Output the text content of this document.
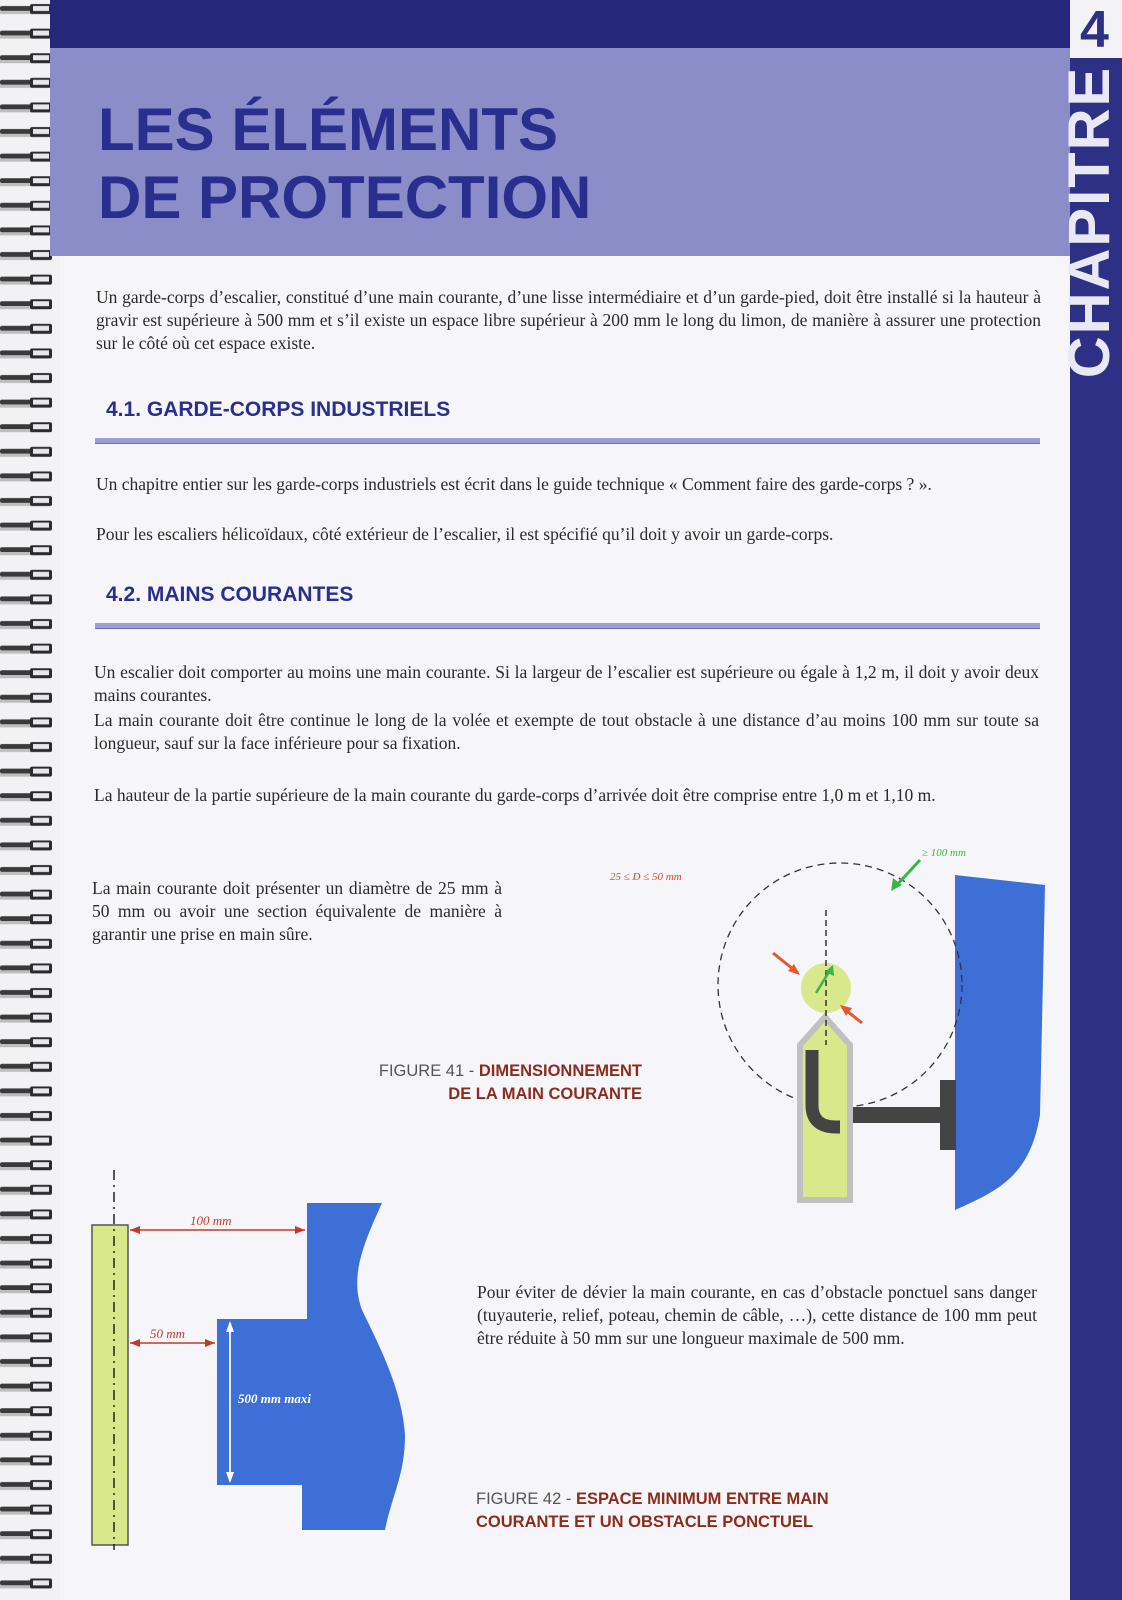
4
CHAPITRE
LES ÉLÉMENTS
DE PROTECTION

Un garde-corps d’escalier, constitué d’une main courante, d’une lisse intermédiaire et d’un garde-pied, doit être installé si la hauteur à gravir est supérieure à 500 mm et s’il existe un espace libre supérieur à 200 mm le long du limon, de manière à assurer une protection sur le côté où cet espace existe.

4.1. GARDE-CORPS INDUSTRIELS

Un chapitre entier sur les garde-corps industriels est écrit dans le guide technique « Comment faire des garde-corps ? ».

Pour les escaliers hélicoïdaux, côté extérieur de l’escalier, il est spécifié qu’il doit y avoir un garde-corps.

4.2. MAINS COURANTES

Un escalier doit comporter au moins une main courante. Si la largeur de l’escalier est supérieure ou égale à 1,2 m, il doit y avoir deux mains courantes.

La main courante doit être continue le long de la volée et exempte de tout obstacle à une distance d’au moins 100 mm sur toute sa longueur, sauf sur la face inférieure pour sa fixation.

La hauteur de la partie supérieure de la main courante du garde-corps d’arrivée doit être comprise entre 1,0 m et 1,10 m.

La main courante doit présenter un diamètre de 25 mm à 50 mm ou avoir une section équivalente de manière à garantir une prise en main sûre.

25 ≤ D ≤ 50 mm
≥ 100 mm
FIGURE 41 - DIMENSIONNEMENT
DE LA MAIN COURANTE
100 mm
50 mm
500 mm maxi

Pour éviter de dévier la main courante, en cas d’obstacle ponctuel sans danger (tuyauterie, relief, poteau, chemin de câble, …), cette distance de 100 mm peut être réduite à 50 mm sur une longueur maximale de 500 mm.

FIGURE 42 - ESPACE MINIMUM ENTRE MAIN
COURANTE ET UN OBSTACLE PONCTUEL
